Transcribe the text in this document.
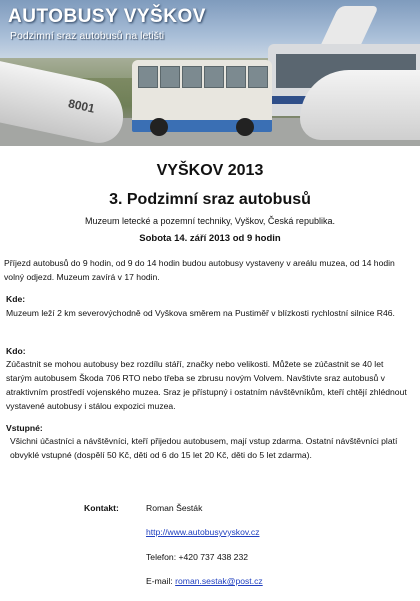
8001
AUTOBUSY VYŠKOV
Podzimní sraz autobusů na letišti
VYŠKOV 2013
3. Podzimní sraz autobusů
Muzeum letecké a pozemní techniky, Vyškov, Česká republika.
Sobota 14. září 2013 od 9 hodin
Příjezd autobusů do 9 hodin, od 9 do 14 hodin budou autobusy vystaveny v areálu muzea, od 14 hodin volný odjezd. Muzeum zavírá v 17 hodin.
Kde:
Muzeum leží 2 km severovýchodně od Vyškova směrem na Pustiměř v blízkosti rychlostní silnice R46.
Kdo:
Zúčastnit se mohou autobusy bez rozdílu stáří, značky nebo velikosti. Můžete se zúčastnit se 40 let starým autobusem Škoda 706 RTO nebo třeba se zbrusu novým Volvem. Navštivte sraz autobusů v atraktivním prostředí vojenského muzea. Sraz je přístupný i ostatním návštěvníkům, kteří chtějí zhlédnout vystavené autobusy i stálou expozici muzea.
Vstupné:
Všichni účastníci a návštěvníci, kteří přijedou autobusem, mají vstup zdarma. Ostatní návštěvníci platí obvyklé vstupné (dospělí 50 Kč, děti od 6 do 15 let 20 Kč, děti do 5 let zdarma).
Kontakt:	Roman Šesták
http://www.autobusyvyskov.cz
Telefon: +420 737 438 232
E-mail: roman.sestak@post.cz
